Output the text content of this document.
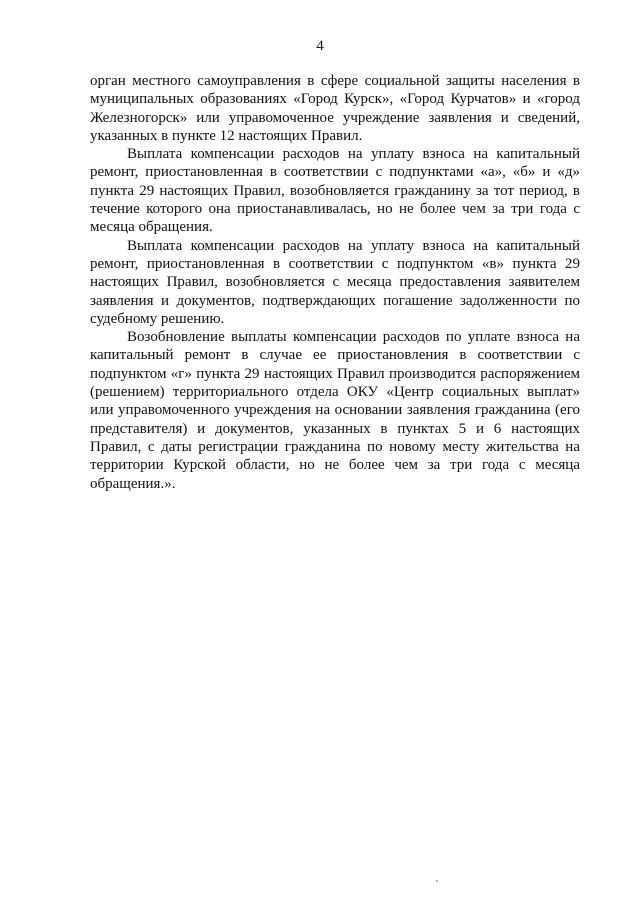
4

орган местного самоуправления в сфере социальной защиты населения в муниципальных образованиях «Город Курск», «Город Курчатов» и «город Железногорск» или управомоченное учреждение заявления и сведений, указанных в пункте 12 настоящих Правил.

Выплата компенсации расходов на уплату взноса на капитальный ремонт, приостановленная в соответствии с подпунктами «а», «б» и «д» пункта 29 настоящих Правил, возобновляется гражданину за тот период, в течение которого она приостанавливалась, но не более чем за три года с месяца обращения.

Выплата компенсации расходов на уплату взноса на капитальный ремонт, приостановленная в соответствии с подпунктом «в» пункта 29 настоящих Правил, возобновляется с месяца предоставления заявителем заявления и документов, подтверждающих погашение задолженности по судебному решению.

Возобновление выплаты компенсации расходов по уплате взноса на капитальный ремонт в случае ее приостановления в соответствии с подпунктом «г» пункта 29 настоящих Правил производится распоряжением (решением) территориального отдела ОКУ «Центр социальных выплат» или управомоченного учреждения на основании заявления гражданина (его представителя) и документов, указанных в пунктах 5 и 6 настоящих Правил, с даты регистрации гражданина по новому месту жительства на территории Курской области, но не более чем за три года с месяца обращения.».
